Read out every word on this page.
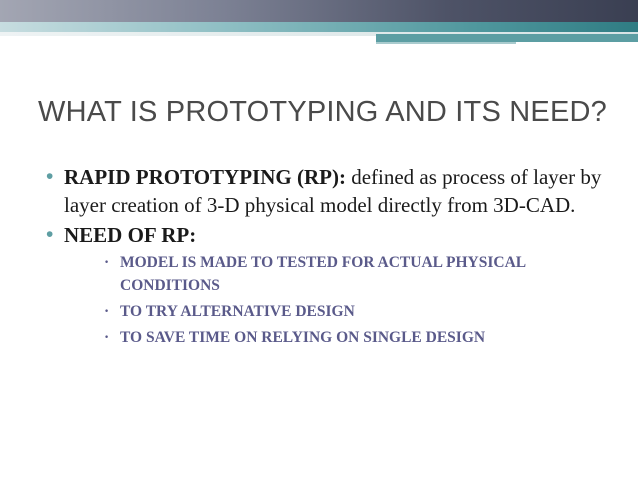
WHAT IS PROTOTYPING AND ITS NEED?
• RAPID PROTOTYPING (RP): defined as process of layer by layer creation of 3-D physical model directly from 3D-CAD.
• NEED OF RP:
· MODEL IS MADE TO TESTED FOR ACTUAL PHYSICAL CONDITIONS
· TO TRY ALTERNATIVE DESIGN
· TO SAVE TIME ON RELYING ON SINGLE DESIGN
